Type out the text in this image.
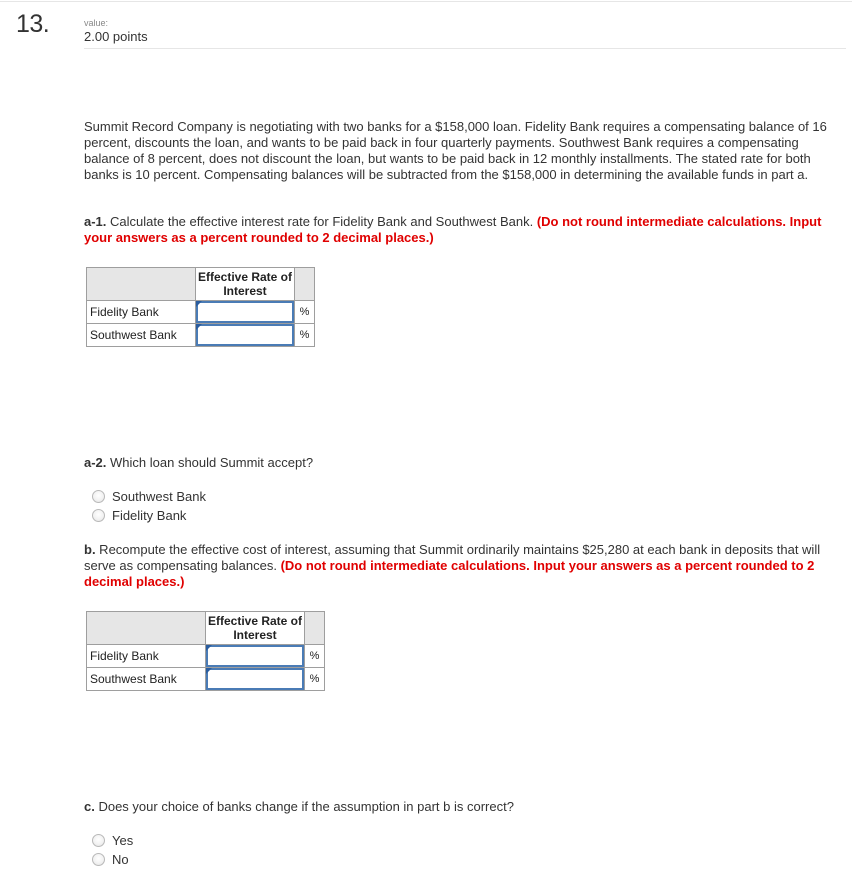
13.	value:
2.00 points
Summit Record Company is negotiating with two banks for a $158,000 loan. Fidelity Bank requires a compensating balance of 16 percent, discounts the loan, and wants to be paid back in four quarterly payments. Southwest Bank requires a compensating balance of 8 percent, does not discount the loan, but wants to be paid back in 12 monthly installments. The stated rate for both banks is 10 percent. Compensating balances will be subtracted from the $158,000 in determining the available funds in part a.
a-1. Calculate the effective interest rate for Fidelity Bank and Southwest Bank. (Do not round intermediate calculations. Input your answers as a percent rounded to 2 decimal places.)
	Effective Rate of Interest	
Fidelity Bank		%
Southwest Bank		%
a-2. Which loan should Summit accept?
Southwest Bank
Fidelity Bank
b. Recompute the effective cost of interest, assuming that Summit ordinarily maintains $25,280 at each bank in deposits that will serve as compensating balances. (Do not round intermediate calculations. Input your answers as a percent rounded to 2 decimal places.)
	Effective Rate of Interest	
Fidelity Bank		%
Southwest Bank		%
c. Does your choice of banks change if the assumption in part b is correct?
Yes
No
